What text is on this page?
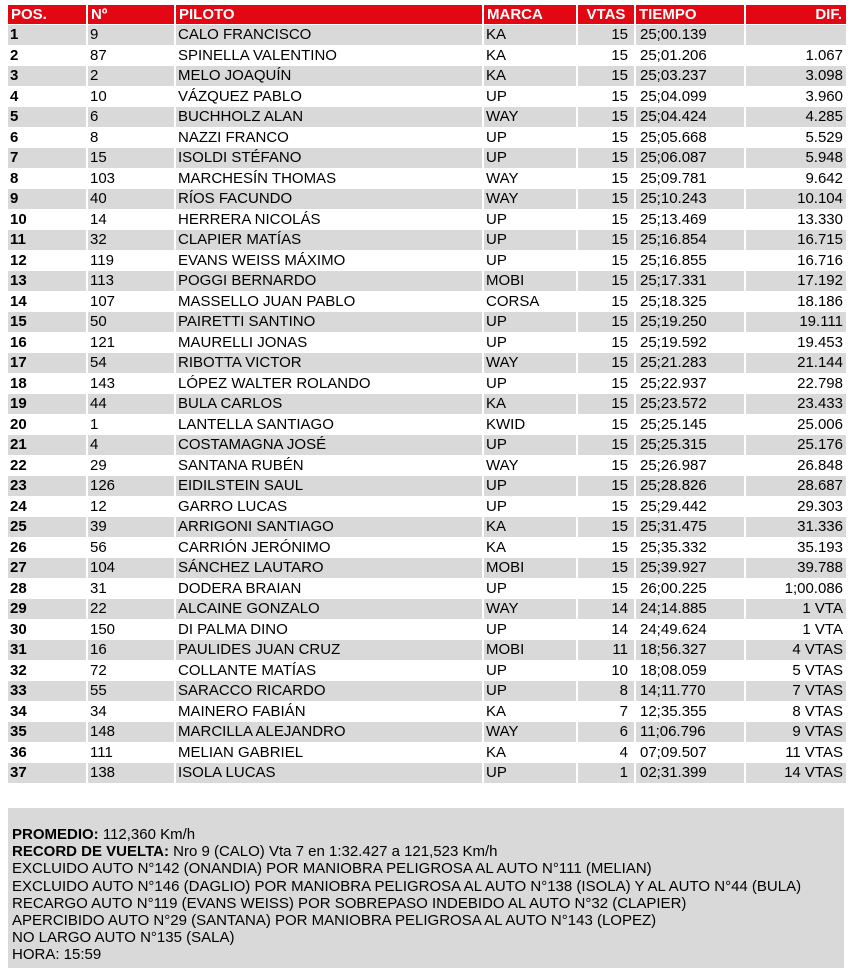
POS.	Nº	PILOTO	MARCA	VTAS TIEMPO	DIF.
1	9	CALO FRANCISCO	KA	15 25;00.139
2	87	SPINELLA VALENTINO	KA	15 25;01.206	1.067
3	2	MELO JOAQUÍN	KA	15 25;03.237	3.098
4	10	VÁZQUEZ PABLO	UP	15 25;04.099	3.960
5	6	BUCHHOLZ ALAN	WAY	15 25;04.424	4.285
6	8	NAZZI FRANCO	UP	15 25;05.668	5.529
7	15	ISOLDI STÉFANO	UP	15 25;06.087	5.948
8	103	MARCHESÍN THOMAS	WAY	15 25;09.781	9.642
9	40	RÍOS FACUNDO	WAY	15 25;10.243	10.104
10	14	HERRERA NICOLÁS	UP	15 25;13.469	13.330
11	32	CLAPIER MATÍAS	UP	15 25;16.854	16.715
12	119	EVANS WEISS MÁXIMO	UP	15 25;16.855	16.716
13	113	POGGI BERNARDO	MOBI	15 25;17.331	17.192
14	107	MASSELLO JUAN PABLO	CORSA	15 25;18.325	18.186
15	50	PAIRETTI SANTINO	UP	15 25;19.250	19.111
16	121	MAURELLI JONAS	UP	15 25;19.592	19.453
17	54	RIBOTTA VICTOR	WAY	15 25;21.283	21.144
18	143	LÓPEZ WALTER ROLANDO	UP	15 25;22.937	22.798
19	44	BULA CARLOS	KA	15 25;23.572	23.433
20	1	LANTELLA SANTIAGO	KWID	15 25;25.145	25.006
21	4	COSTAMAGNA JOSÉ	UP	15 25;25.315	25.176
22	29	SANTANA RUBÉN	WAY	15 25;26.987	26.848
23	126	EIDILSTEIN SAUL	UP	15 25;28.826	28.687
24	12	GARRO LUCAS	UP	15 25;29.442	29.303
25	39	ARRIGONI SANTIAGO	KA	15 25;31.475	31.336
26	56	CARRIÓN JERÓNIMO	KA	15 25;35.332	35.193
27	104	SÁNCHEZ LAUTARO	MOBI	15 25;39.927	39.788
28	31	DODERA BRAIAN	UP	15 26;00.225	1;00.086
29	22	ALCAINE GONZALO	WAY	14 24;14.885	1 VTA
30	150	DI PALMA DINO	UP	14 24;49.624	1 VTA
31	16	PAULIDES JUAN CRUZ	MOBI	11 18;56.327	4 VTAS
32	72	COLLANTE MATÍAS	UP	10 18;08.059	5 VTAS
33	55	SARACCO RICARDO	UP	8 14;11.770	7 VTAS
34	34	MAINERO FABIÁN	KA	7 12;35.355	8 VTAS
35	148	MARCILLA ALEJANDRO	WAY	6 11;06.796	9 VTAS
36	111	MELIAN GABRIEL	KA	4 07;09.507	11 VTAS
37	138	ISOLA LUCAS	UP	1 02;31.399	14 VTAS
PROMEDIO: 112,360 Km/h
RECORD DE VUELTA: Nro 9 (CALO) Vta 7 en 1:32.427 a 121,523 Km/h
EXCLUIDO AUTO N°142 (ONANDIA) POR MANIOBRA PELIGROSA AL AUTO N°111 (MELIAN)
EXCLUIDO AUTO N°146 (DAGLIO) POR MANIOBRA PELIGROSA AL AUTO N°138 (ISOLA) Y AL AUTO N°44 (BULA)
RECARGO AUTO N°119 (EVANS WEISS) POR SOBREPASO INDEBIDO AL AUTO N°32 (CLAPIER)
APERCIBIDO AUTO N°29 (SANTANA) POR MANIOBRA PELIGROSA AL AUTO N°143 (LOPEZ)
NO LARGO AUTO N°135 (SALA)
HORA: 15:59
